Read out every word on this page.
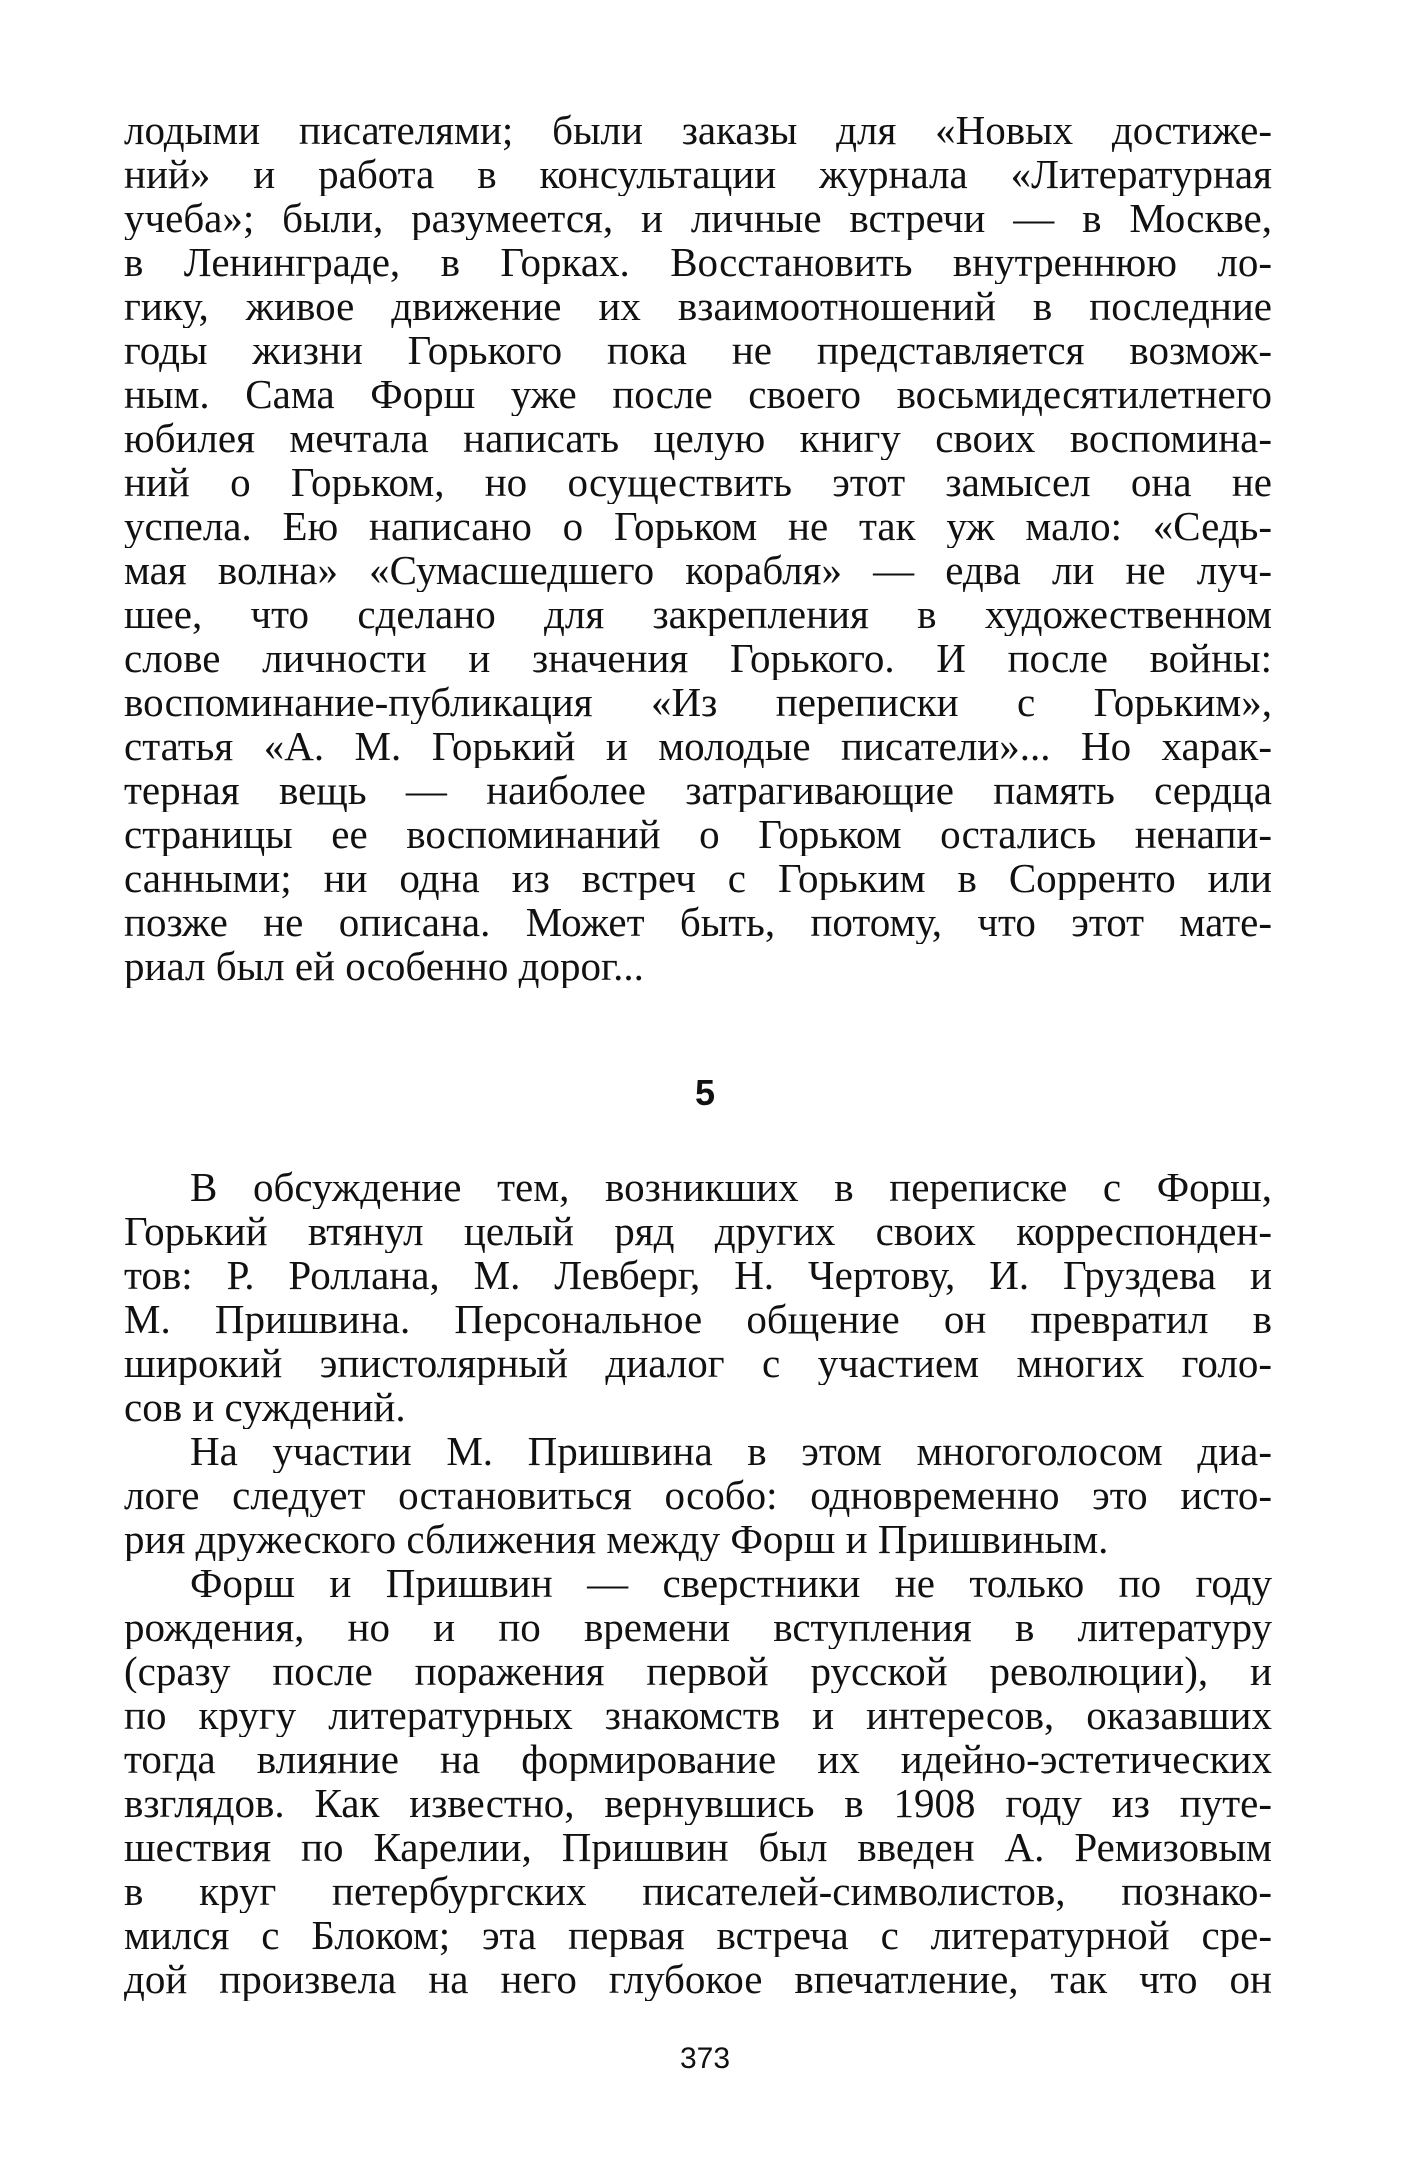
лодыми писателями; были заказы для «Новых достиже-
ний» и работа в консультации журнала «Литературная
учеба»; были, разумеется, и личные встречи — в Москве,
в Ленинграде, в Горках. Восстановить внутреннюю ло-
гику, живое движение их взаимоотношений в последние
годы жизни Горького пока не представляется возмож-
ным. Сама Форш уже после своего восьмидесятилетнего
юбилея мечтала написать целую книгу своих воспомина-
ний о Горьком, но осуществить этот замысел она не
успела. Ею написано о Горьком не так уж мало: «Седь-
мая волна» «Сумасшедшего корабля» — едва ли не луч-
шее, что сделано для закрепления в художественном
слове личности и значения Горького. И после войны:
воспоминание-публикация «Из переписки с Горьким»,
статья «А. М. Горький и молодые писатели»... Но харак-
терная вещь — наиболее затрагивающие память сердца
страницы ее воспоминаний о Горьком остались ненапи-
санными; ни одна из встреч с Горьким в Сорренто или
позже не описана. Может быть, потому, что этот мате-
риал был ей особенно дорог...
5
В обсуждение тем, возникших в переписке с Форш,
Горький втянул целый ряд других своих корреспонден-
тов: Р. Роллана, М. Левберг, Н. Чертову, И. Груздева и
М. Пришвина. Персональное общение он превратил в
широкий эпистолярный диалог с участием многих голо-
сов и суждений.
На участии М. Пришвина в этом многоголосом диа-
логе следует остановиться особо: одновременно это исто-
рия дружеского сближения между Форш и Пришвиным.
Форш и Пришвин — сверстники не только по году
рождения, но и по времени вступления в литературу
(сразу после поражения первой русской революции), и
по кругу литературных знакомств и интересов, оказавших
тогда влияние на формирование их идейно-эстетических
взглядов. Как известно, вернувшись в 1908 году из путе-
шествия по Карелии, Пришвин был введен А. Ремизовым
в круг петербургских писателей-символистов, познако-
мился с Блоком; эта первая встреча с литературной сре-
дой произвела на него глубокое впечатление, так что он
373
